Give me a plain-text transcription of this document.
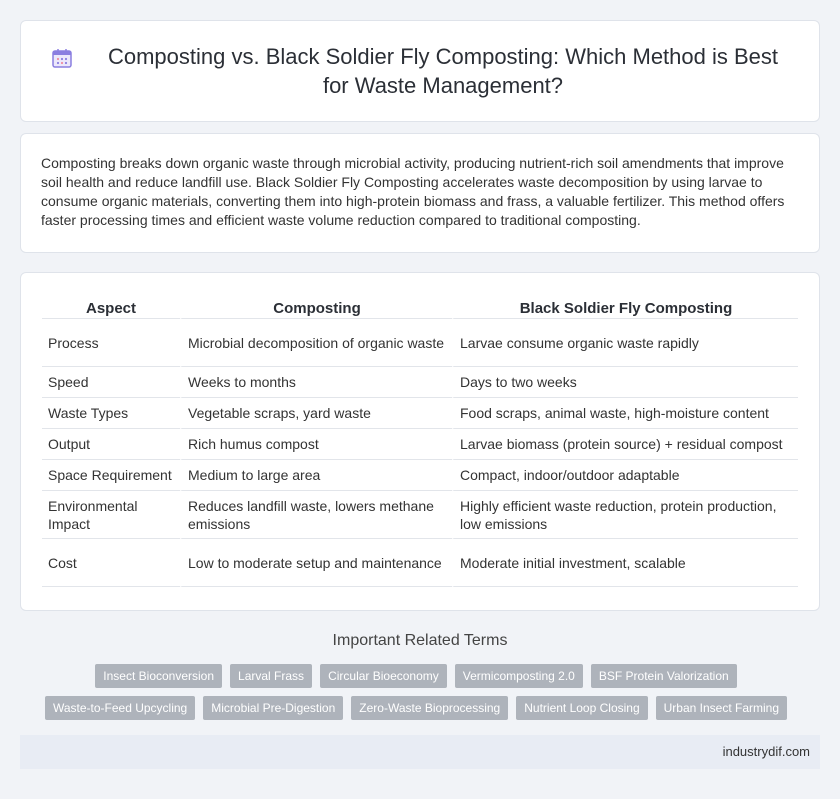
Composting vs. Black Soldier Fly Composting: Which Method is Best for Waste Management?

Composting breaks down organic waste through microbial activity, producing nutrient-rich soil amendments that improve soil health and reduce landfill use. Black Soldier Fly Composting accelerates waste decomposition by using larvae to consume organic materials, converting them into high-protein biomass and frass, a valuable fertilizer. This method offers faster processing times and efficient waste volume reduction compared to traditional composting.

Aspect	Composting	Black Soldier Fly Composting
Process	Microbial decomposition of organic waste	Larvae consume organic waste rapidly
Speed	Weeks to months	Days to two weeks
Waste Types	Vegetable scraps, yard waste	Food scraps, animal waste, high-moisture content
Output	Rich humus compost	Larvae biomass (protein source) + residual compost
Space Requirement	Medium to large area	Compact, indoor/outdoor adaptable
Environmental Impact	Reduces landfill waste, lowers methane emissions	Highly efficient waste reduction, protein production, low emissions
Cost	Low to moderate setup and maintenance	Moderate initial investment, scalable
Important Related Terms
Insect Bioconversion	Larval Frass	Circular Bioeconomy	Vermicomposting 2.0	BSF Protein Valorization
Waste-to-Feed Upcycling	Microbial Pre-Digestion	Zero-Waste Bioprocessing	Nutrient Loop Closing	Urban Insect Farming
industrydif.com
